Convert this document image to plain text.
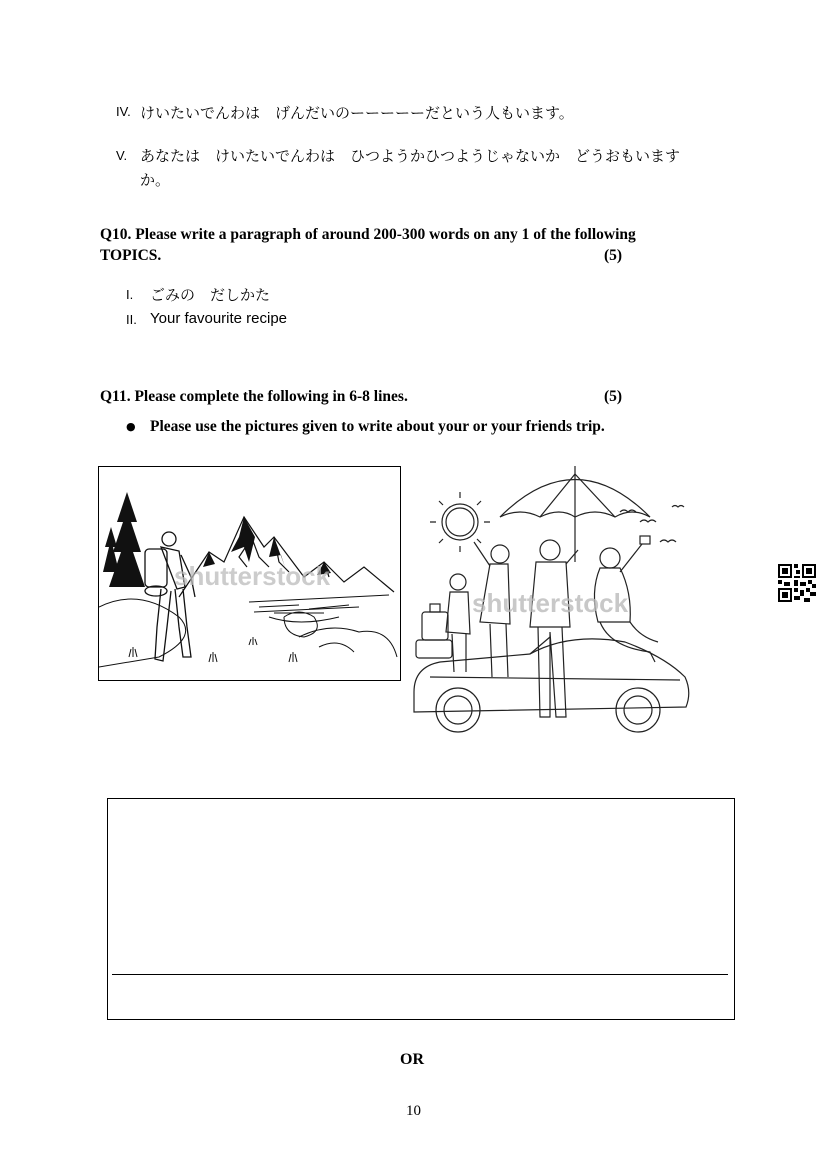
IV. けいたいでんわは　げんだいのーーーーーだという人もいます。
V. あなたは　けいたいでんわは　ひつようかひつようじゃないか　どうおもいます
か。
Q10. Please write a paragraph of around 200-300 words on any 1 of the following
TOPICS.	(5)
I. ごみの　だしかた
II. Your favourite recipe
Q11. Please complete the following in 6-8 lines.	(5)
● Please use the pictures given to write about your or your friends trip.
shutterstock
shutterstock
OR
10
